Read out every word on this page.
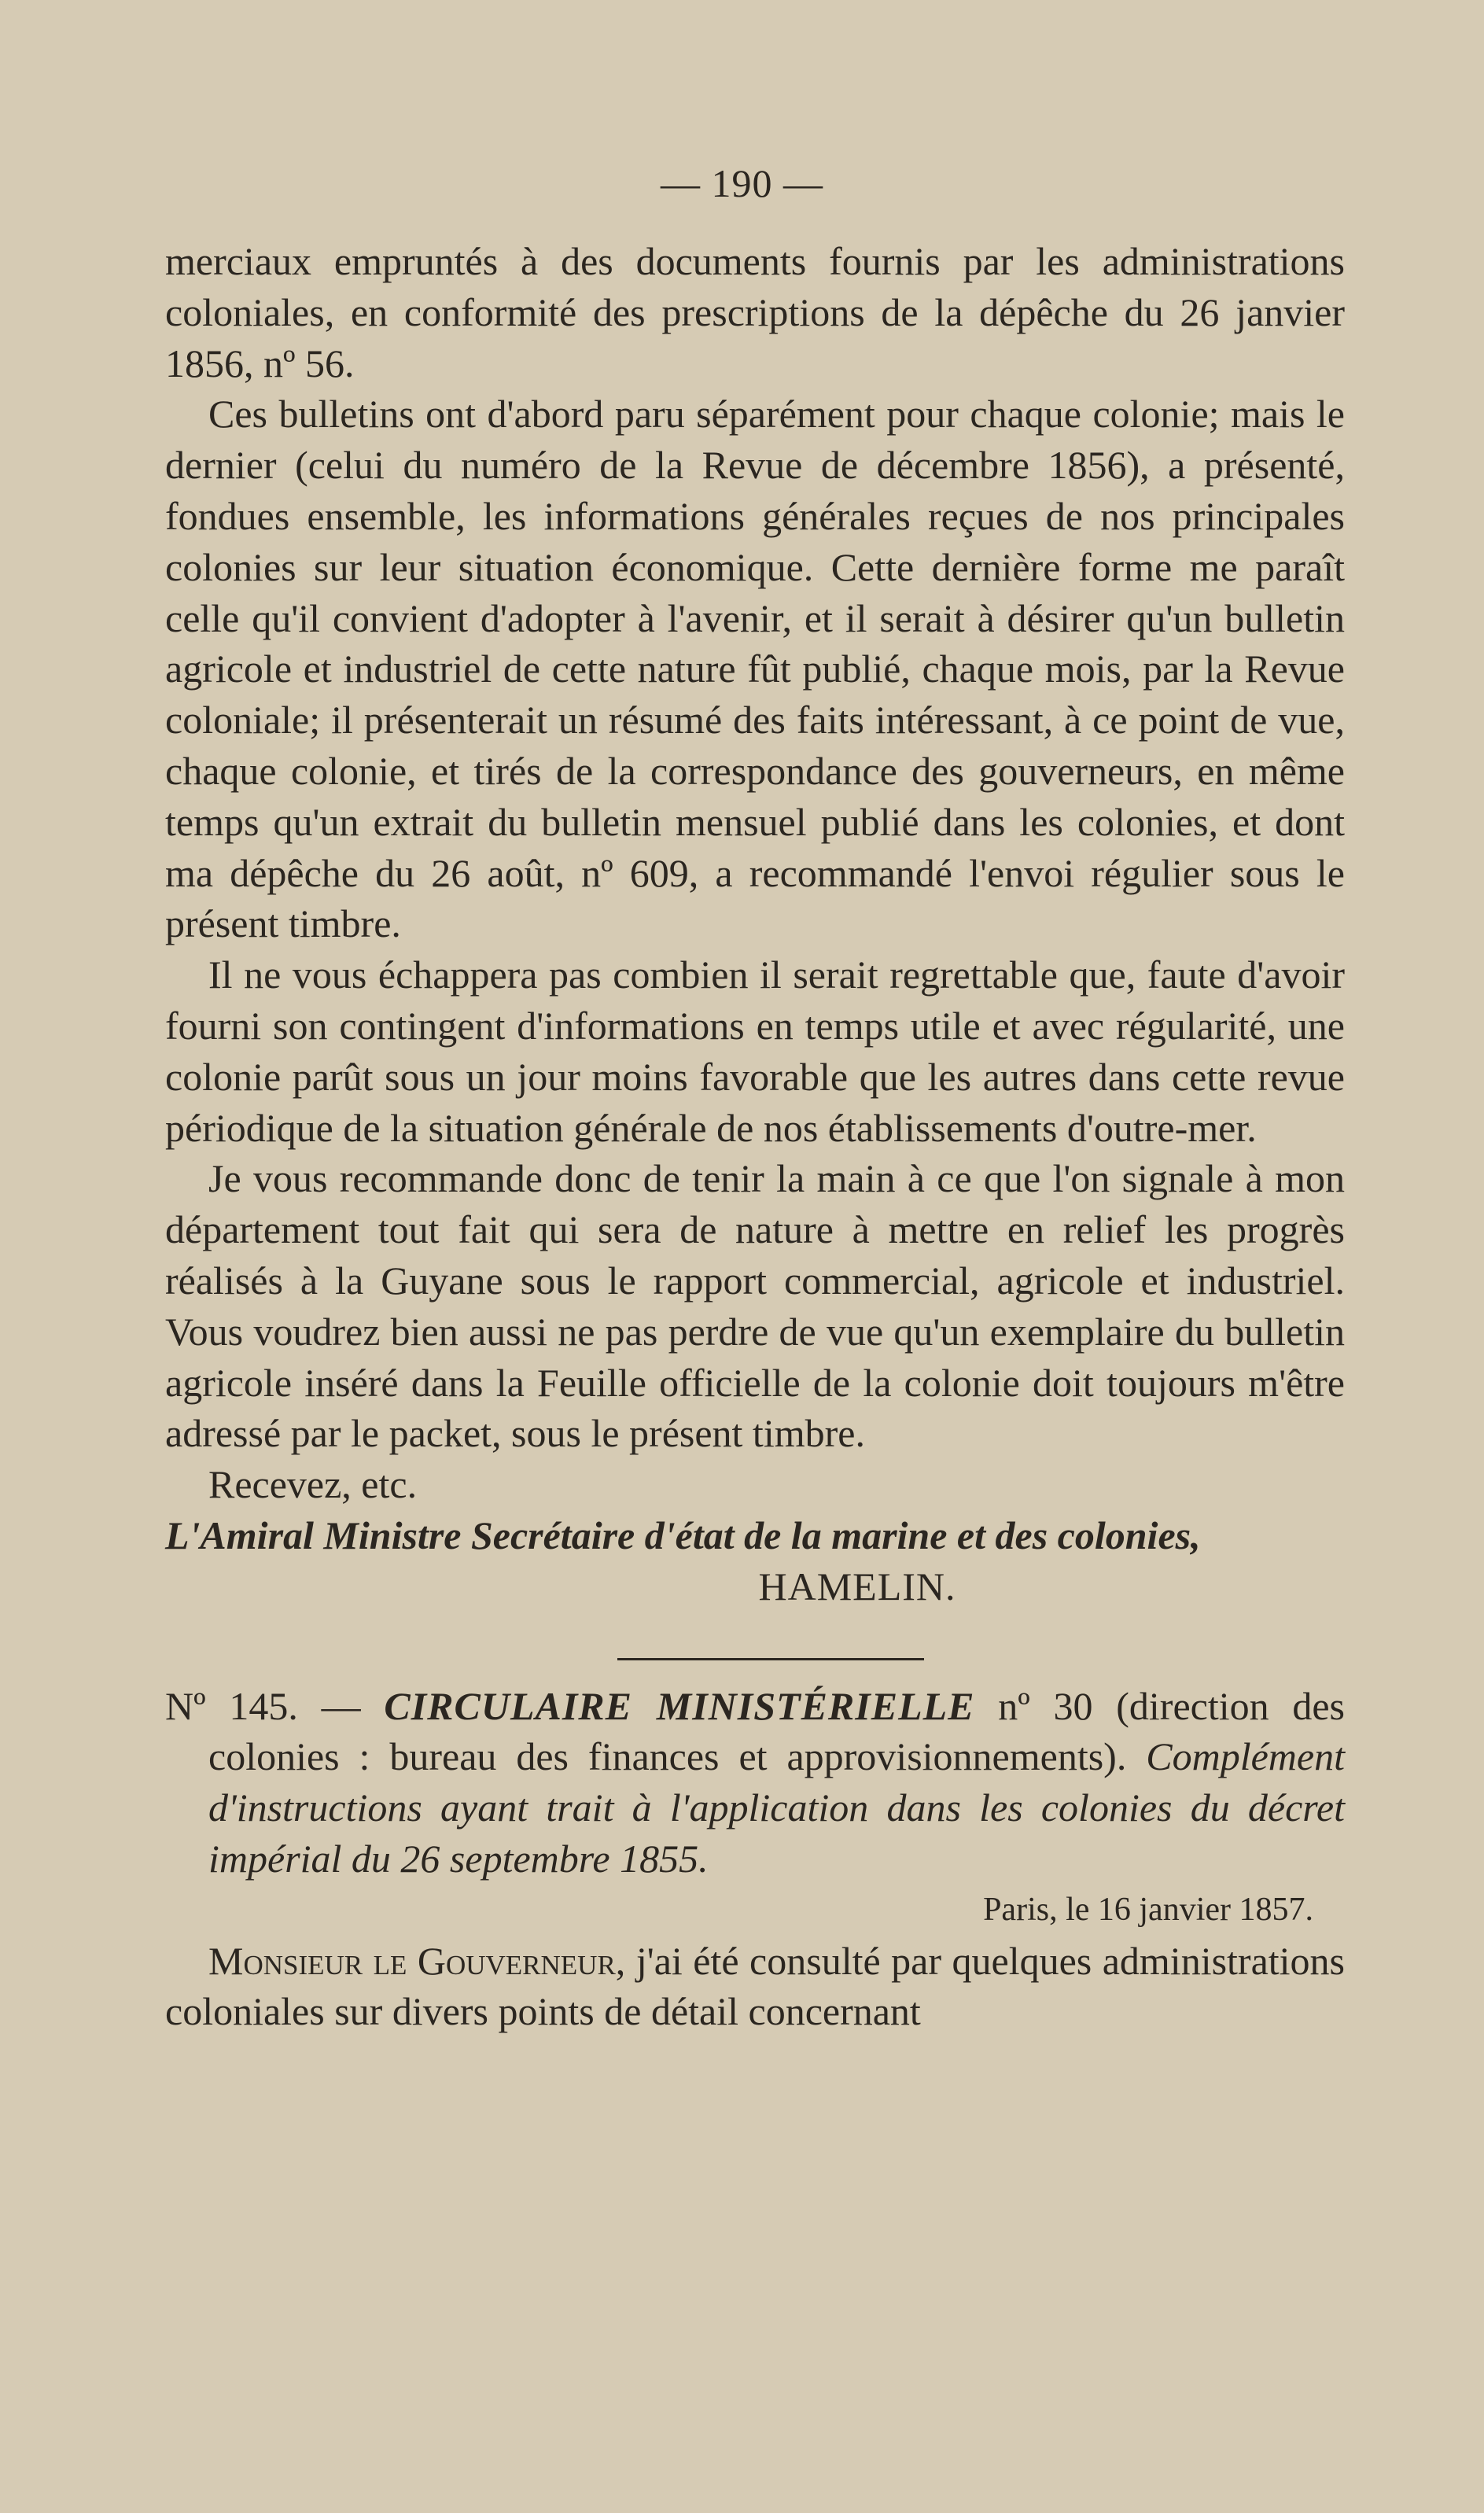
— 190 —

merciaux empruntés à des documents fournis par les administrations coloniales, en conformité des prescriptions de la dépêche du 26 janvier 1856, nº 56.

Ces bulletins ont d'abord paru séparément pour chaque colonie; mais le dernier (celui du numéro de la Revue de décembre 1856), a présenté, fondues ensemble, les informations générales reçues de nos principales colonies sur leur situation économique. Cette dernière forme me paraît celle qu'il convient d'adopter à l'avenir, et il serait à désirer qu'un bulletin agricole et industriel de cette nature fût publié, chaque mois, par la Revue coloniale; il présenterait un résumé des faits intéressant, à ce point de vue, chaque colonie, et tirés de la correspondance des gouverneurs, en même temps qu'un extrait du bulletin mensuel publié dans les colonies, et dont ma dépêche du 26 août, nº 609, a recommandé l'envoi régulier sous le présent timbre.

Il ne vous échappera pas combien il serait regrettable que, faute d'avoir fourni son contingent d'informations en temps utile et avec régularité, une colonie parût sous un jour moins favorable que les autres dans cette revue périodique de la situation générale de nos établissements d'outre-mer.

Je vous recommande donc de tenir la main à ce que l'on signale à mon département tout fait qui sera de nature à mettre en relief les progrès réalisés à la Guyane sous le rapport commercial, agricole et industriel. Vous voudrez bien aussi ne pas perdre de vue qu'un exemplaire du bulletin agricole inséré dans la Feuille officielle de la colonie doit toujours m'être adressé par le packet, sous le présent timbre.

Recevez, etc.

L'Amiral Ministre Secrétaire d'état de la marine et des colonies,

HAMELIN.

Nº 145. — CIRCULAIRE MINISTÉRIELLE nº 30 (direction des colonies : bureau des finances et approvisionnements). Complément d'instructions ayant trait à l'application dans les colonies du décret impérial du 26 septembre 1855.

Paris, le 16 janvier 1857.

Monsieur le Gouverneur, j'ai été consulté par quelques administrations coloniales sur divers points de détail concernant
